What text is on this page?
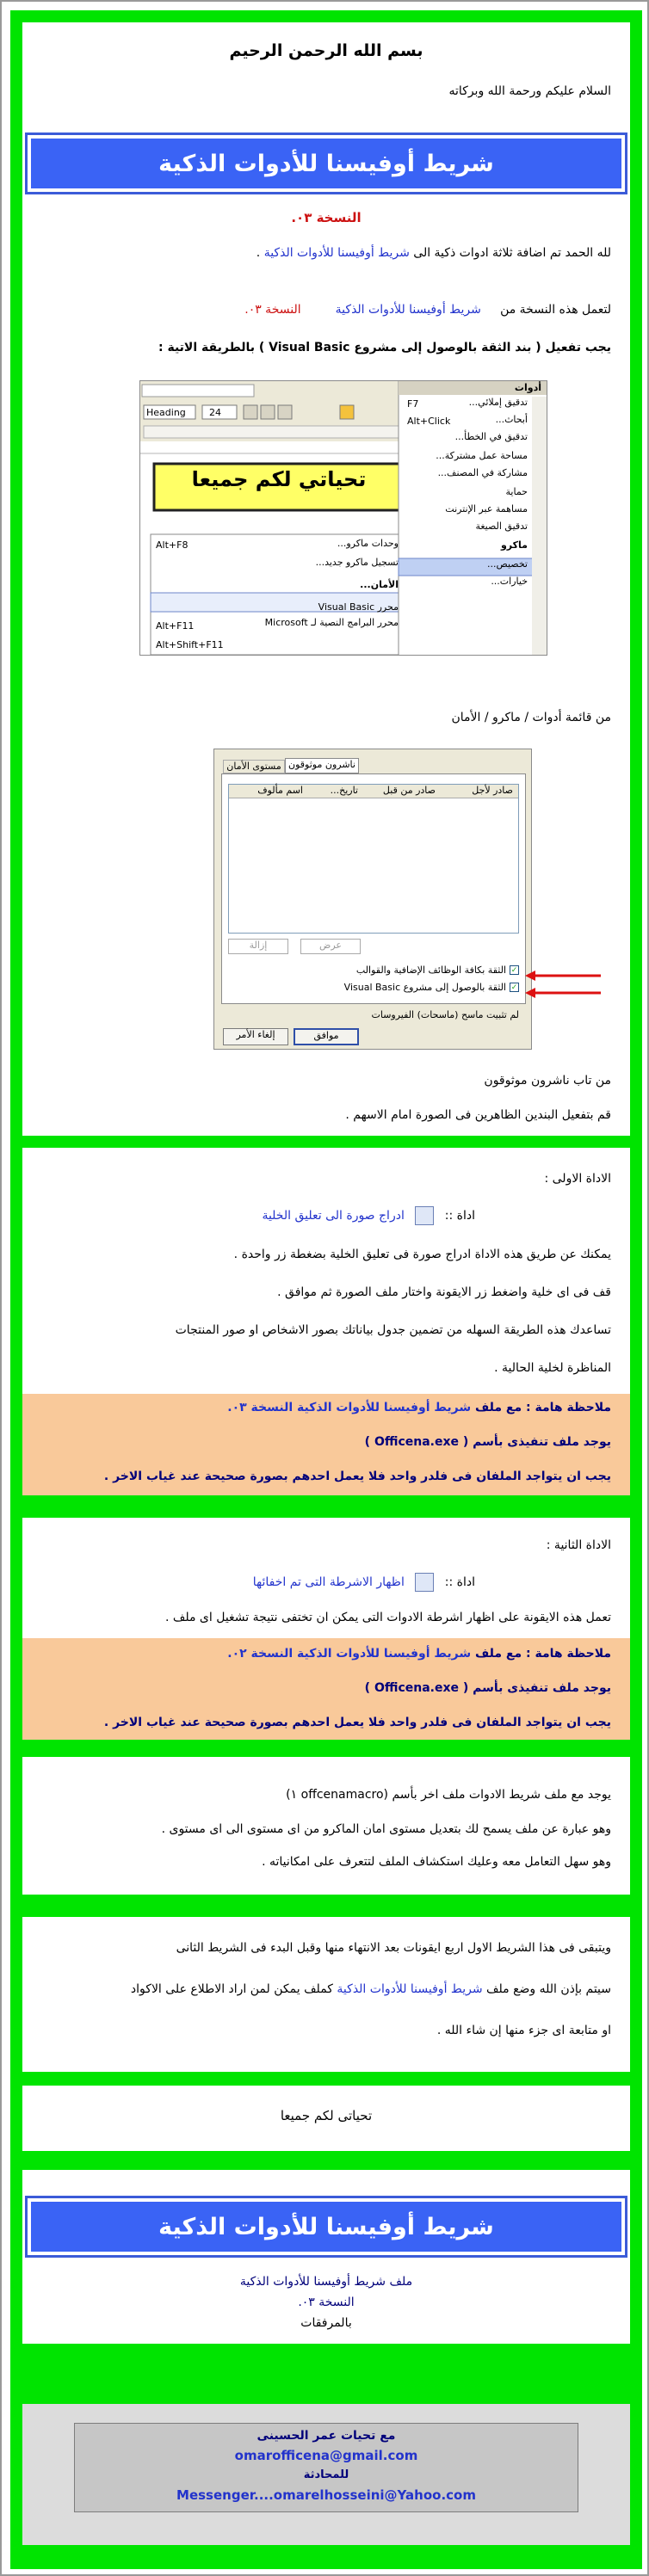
بسم الله الرحمن الرحيم
السلام عليكم ورحمة الله وبركاته
شريط أوفيسنا للأدوات الذكية
النسخة ٠٣.
لله الحمد تم اضافة ثلاثة ادوات ذكية الى شريط أوفيسنا للأدوات الذكية .
لتعمل هذه النسخة من     شريط أوفيسنا للأدوات الذكية         النسخة ٠٣.
يجب تفعيل ( بند الثقة بالوصول إلى مشروع Visual Basic ) بالطريقة الاتية :
تحياتي لكم جميعا
Heading 24
أدوات
تدقيق إملائي...
أبحاث...
تدقيق في الخطأ...
مساحة عمل مشتركة...
مشاركة في المصنف...
حماية
مساهمة عبر الإنترنت
تدقيق الصيغة
ماكرو
تخصيص...
خيارات...
F7
Alt+Click
وحدات ماكرو...
تسجيل ماكرو جديد...
الأمان...
محرر Visual Basic
محرر البرامج النصية لـ Microsoft
Alt+F8
Alt+F11
Alt+Shift+F11
من قائمة أدوات / ماكرو / الأمان
ناشرون موثوقون
مستوى الأمان
اسم مألوف	تاريخ...	صادر من قبل	صادر لأجل
عرض
إزالة
✓
الثقة بكافة الوظائف الإضافية والقوالب
✓
الثقة بالوصول إلى مشروع Visual Basic
لم تثبيت ماسح (ماسحات) الفيروسات
موافق
إلغاء الأمر
من تاب ناشرون موثوقون
قم بتفعيل البندين الظاهرين فى الصورة امام الاسهم .
الاداة الاولى :
اداة ::  ادراج صورة الى تعليق الخلية
يمكنك عن طريق هذه الاداة ادراج صورة فى تعليق الخلية بضغطة زر واحدة .
قف فى اى خلية واضغط زر الايقونة واختار ملف الصورة ثم موافق .
تساعدك هذه الطريقة السهله من تضمين جدول بياناتك بصور الاشخاص او صور المنتجات
المناظرة لخلية الحالية .
ملاحظة هامة : مع ملف شريط أوفيسنا للأدوات الذكية النسخة ٠٣.
يوجد ملف تنفيذى بأسم ( Officena.exe )
يجب ان يتواجد الملفان فى فلدر واحد فلا يعمل احدهم بصورة صحيحة عند غياب الاخر .
الاداة الثانية :
اداة ::  اظهار الاشرطة التى تم اخفائها
تعمل هذه الايقونة على اظهار اشرطة الادوات التى يمكن ان تختفى نتيجة تشغيل اى ملف .
ملاحظة هامة : مع ملف شريط أوفيسنا للأدوات الذكية النسخة ٠٢.
يوجد ملف تنفيذى بأسم ( Officena.exe )
يجب ان يتواجد الملفان فى فلدر واحد فلا يعمل احدهم بصورة صحيحة عند غياب الاخر .
يوجد مع ملف شريط الادوات ملف اخر بأسم (offcenamacro ١)
وهو عبارة عن ملف يسمح لك بتعديل مستوى امان الماكرو من اى مستوى الى اى مستوى .
وهو سهل التعامل معه وعليك استكشاف الملف لتتعرف على امكانياته .
ويتبقى فى هذا الشريط الاول اربع ايقونات بعد الانتهاء منها وقبل البدء فى الشريط الثانى
سيتم بإذن الله وضع ملف شريط أوفيسنا للأدوات الذكية كملف يمكن لمن اراد الاطلاع على الاكواد
او متابعة اى جزء منها إن شاء الله .
تحياتى لكم جميعا
شريط أوفيسنا للأدوات الذكية
ملف شريط أوفيسنا للأدوات الذكية
النسخة ٠٣.
بالمرفقات
مع تحيات عمر الحسينى
omarofficena@gmail.com
للمحادثة
Messenger....omarelhosseini@Yahoo.com
